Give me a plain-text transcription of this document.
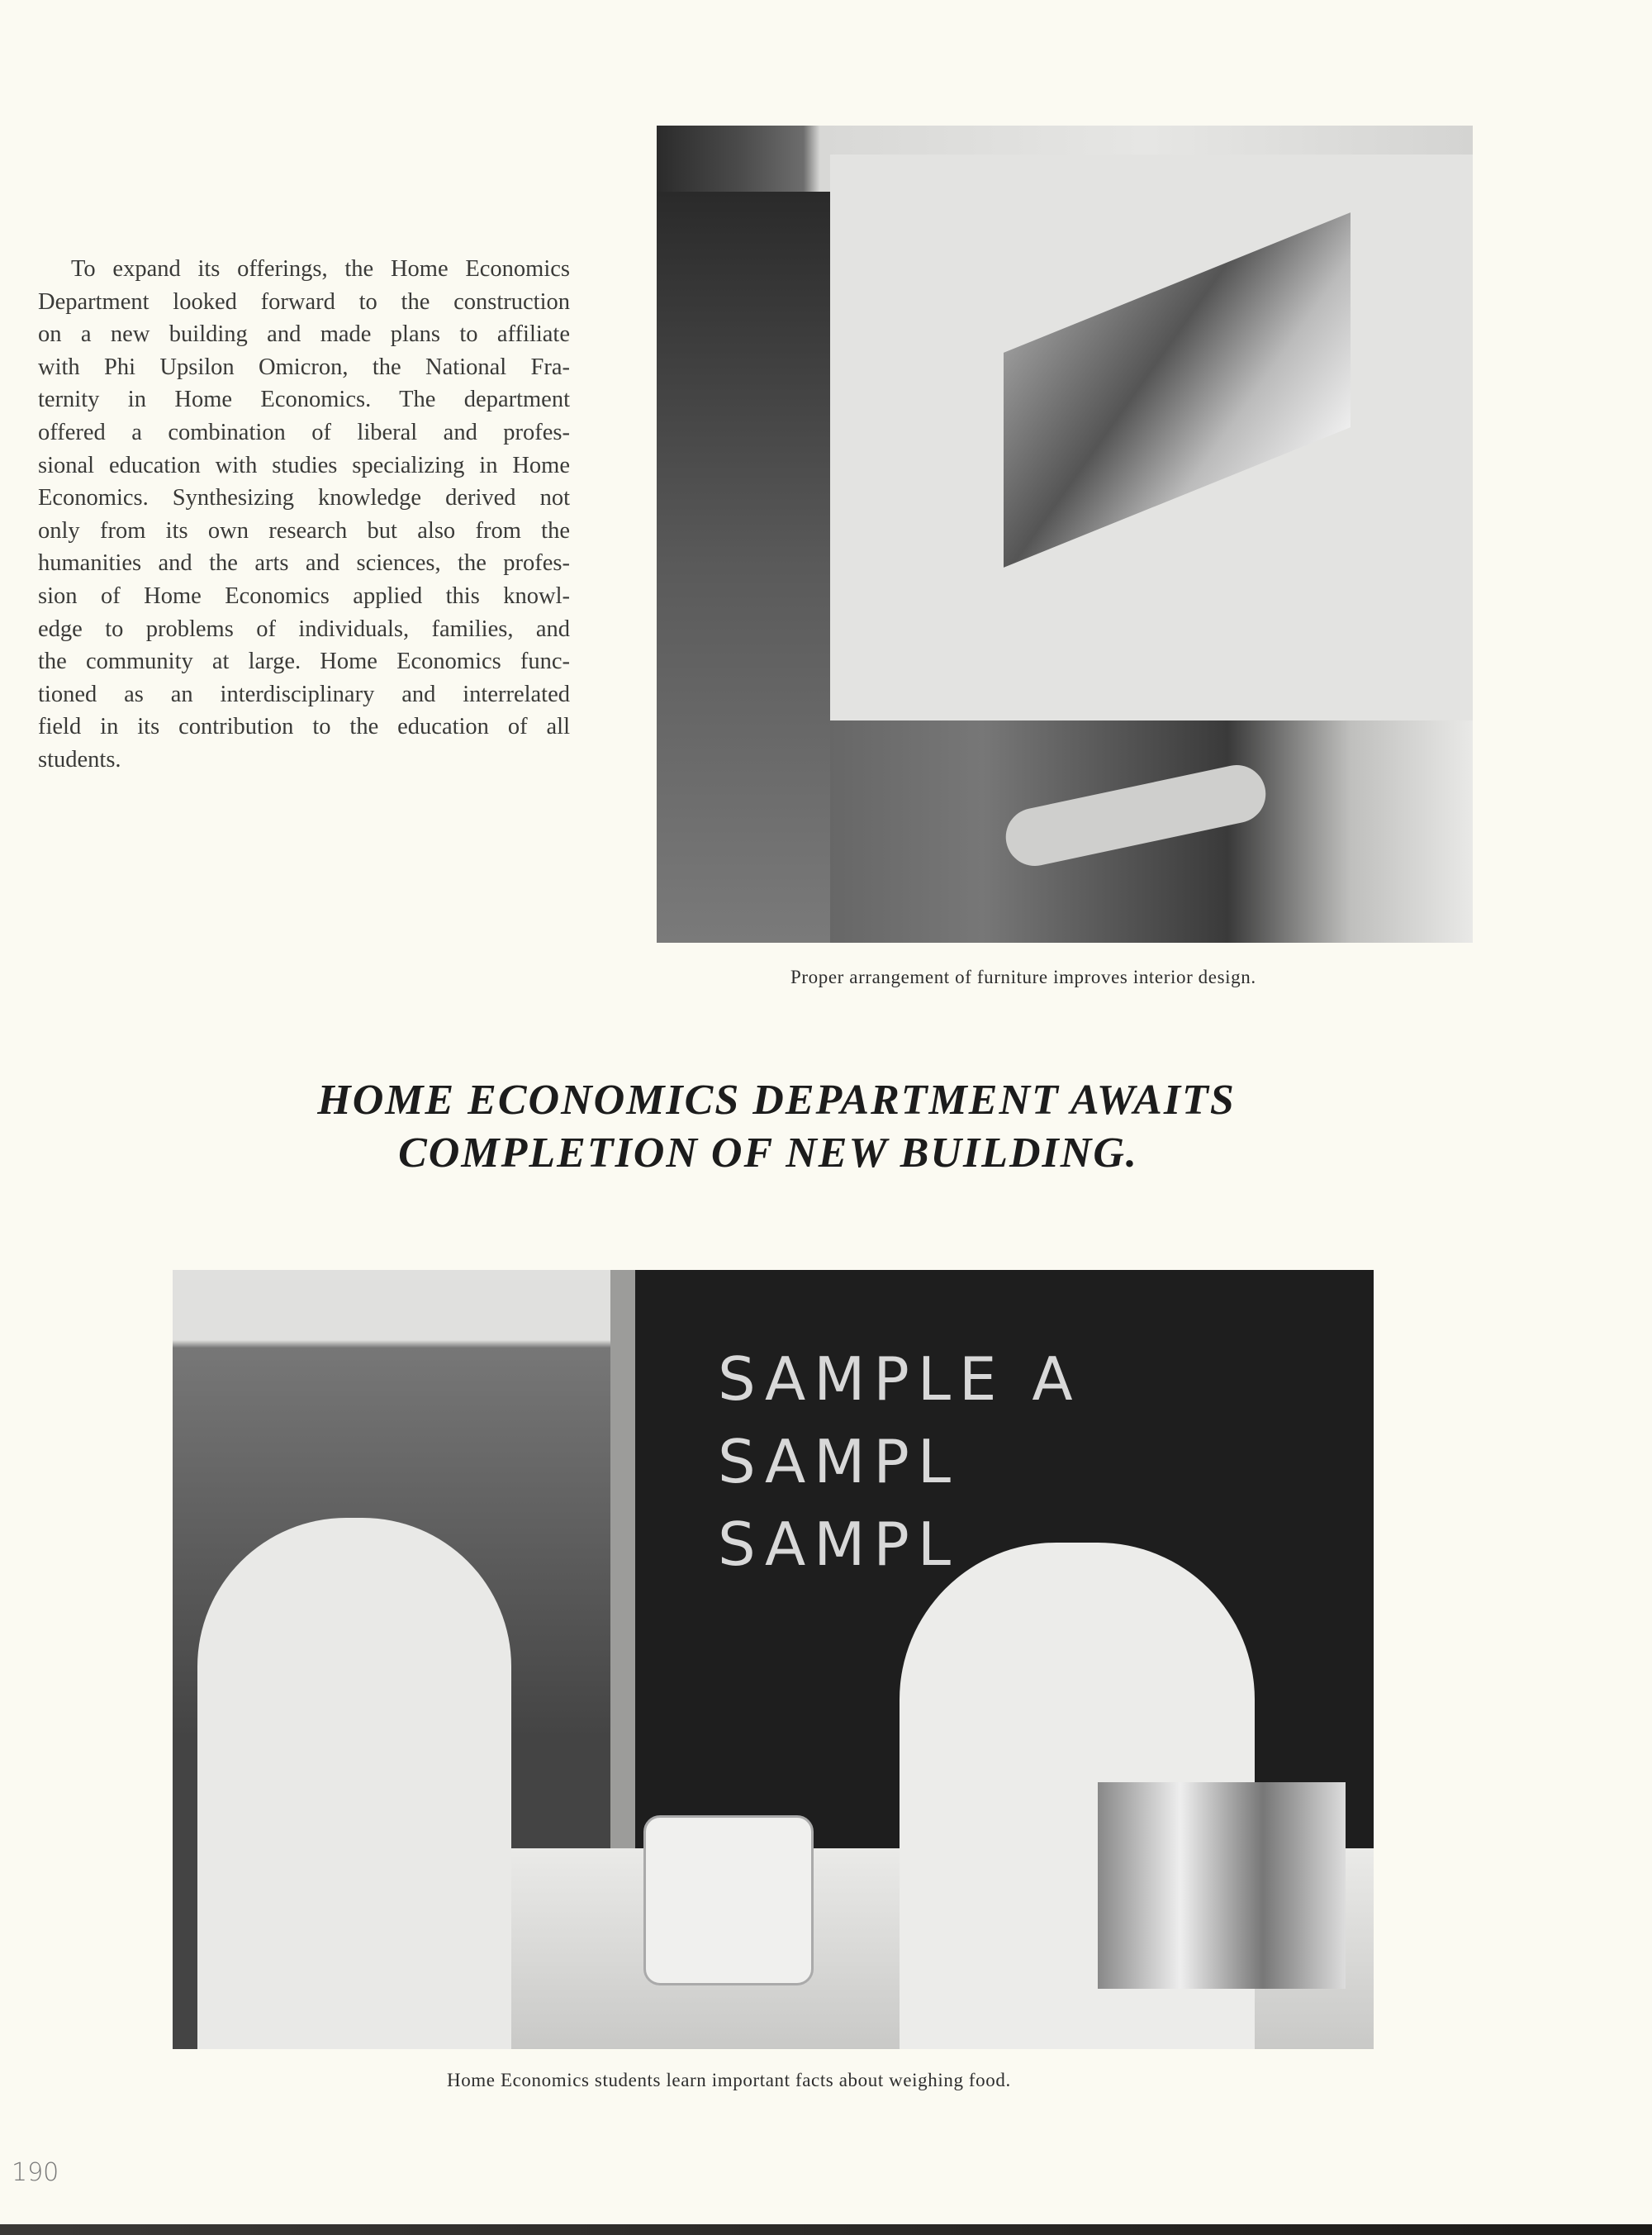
To expand its offerings, the Home Economics
Department looked forward to the construction
on a new building and made plans to affiliate
with Phi Upsilon Omicron, the National Fra-
ternity in Home Economics. The department
offered a combination of liberal and profes-
sional education with studies specializing in Home
Economics. Synthesizing knowledge derived not
only from its own research but also from the
humanities and the arts and sciences, the profes-
sion of Home Economics applied this knowl-
edge to problems of individuals, families, and
the community at large. Home Economics func-
tioned as an interdisciplinary and interrelated
field in its contribution to the education of all
students.
Proper arrangement of furniture improves interior design.
HOME ECONOMICS DEPARTMENT AWAITS
COMPLETION OF NEW BUILDING.
SAMPLE A
SAMPL
SAMPL
Home Economics students learn important facts about weighing food.
190
